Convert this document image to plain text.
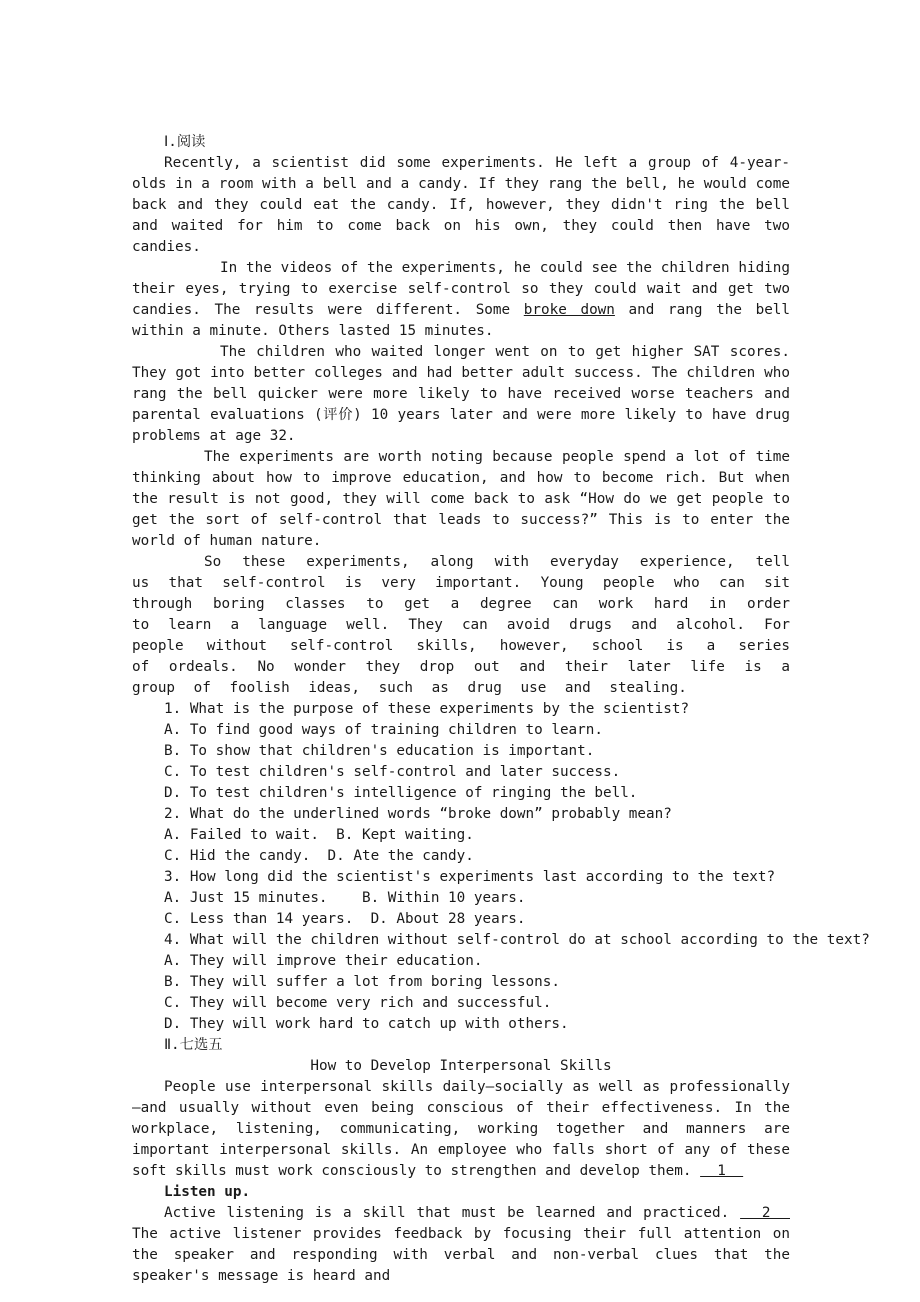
Ⅰ.阅读

Recently, a scientist did some experiments. He left a group of 4-year-olds in a room with a bell and a candy. If they rang the bell, he would come back and they could eat the candy. If, however, they didn't ring the bell and waited for him to come back on his own, they could then have two candies.

In the videos of the experiments, he could see the children hiding their eyes, trying to exercise self-control so they could wait and get two candies. The results were different. Some broke down and rang the bell within a minute. Others lasted 15 minutes.

The children who waited longer went on to get higher SAT scores. They got into better colleges and had better adult success. The children who rang the bell quicker were more likely to have received worse teachers and parental evaluations (评价) 10 years later and were more likely to have drug problems at age 32.

The experiments are worth noting because people spend a lot of time thinking about how to improve education, and how to become rich. But when the result is not good, they will come back to ask “How do we get people to get the sort of self-control that leads to success?” This is to enter the world of human nature.

So these experiments, along with everyday experience, tell us that self-control is very important. Young people who can sit through boring classes to get a degree can work hard in order to learn a language well. They can avoid drugs and alcohol. For people without self-control skills, however, school is a series of ordeals. No wonder they drop out and their later life is a group of foolish ideas, such as drug use and stealing.

1. What is the purpose of these experiments by the scientist?

A. To find good ways of training children to learn.

B. To show that children's education is important.

C. To test children's self-control and later success.

D. To test children's intelligence of ringing the bell.

2. What do the underlined words “broke down” probably mean?

A. Failed to wait.  B. Kept waiting.

C. Hid the candy.  D. Ate the candy.

3. How long did the scientist's experiments last according to the text?

A. Just 15 minutes.    B. Within 10 years.

C. Less than 14 years.  D. About 28 years.

4. What will the children without self-control do at school according to the text?

A. They will improve their education.

B. They will suffer a lot from boring lessons.

C. They will become very rich and successful.

D. They will work hard to catch up with others.

Ⅱ.七选五

How to Develop Interpersonal Skills

People use interpersonal skills daily—socially as well as professionally—and usually without even being conscious of their effectiveness. In the workplace, listening, communicating, working together and manners are important interpersonal skills. An employee who falls short of any of these soft skills must work consciously to strengthen and develop them.   1

Listen up.

Active listening is a skill that must be learned and practiced.   2   The active listener provides feedback by focusing their full attention on the speaker and responding with verbal and non-verbal clues that the speaker's message is heard and
